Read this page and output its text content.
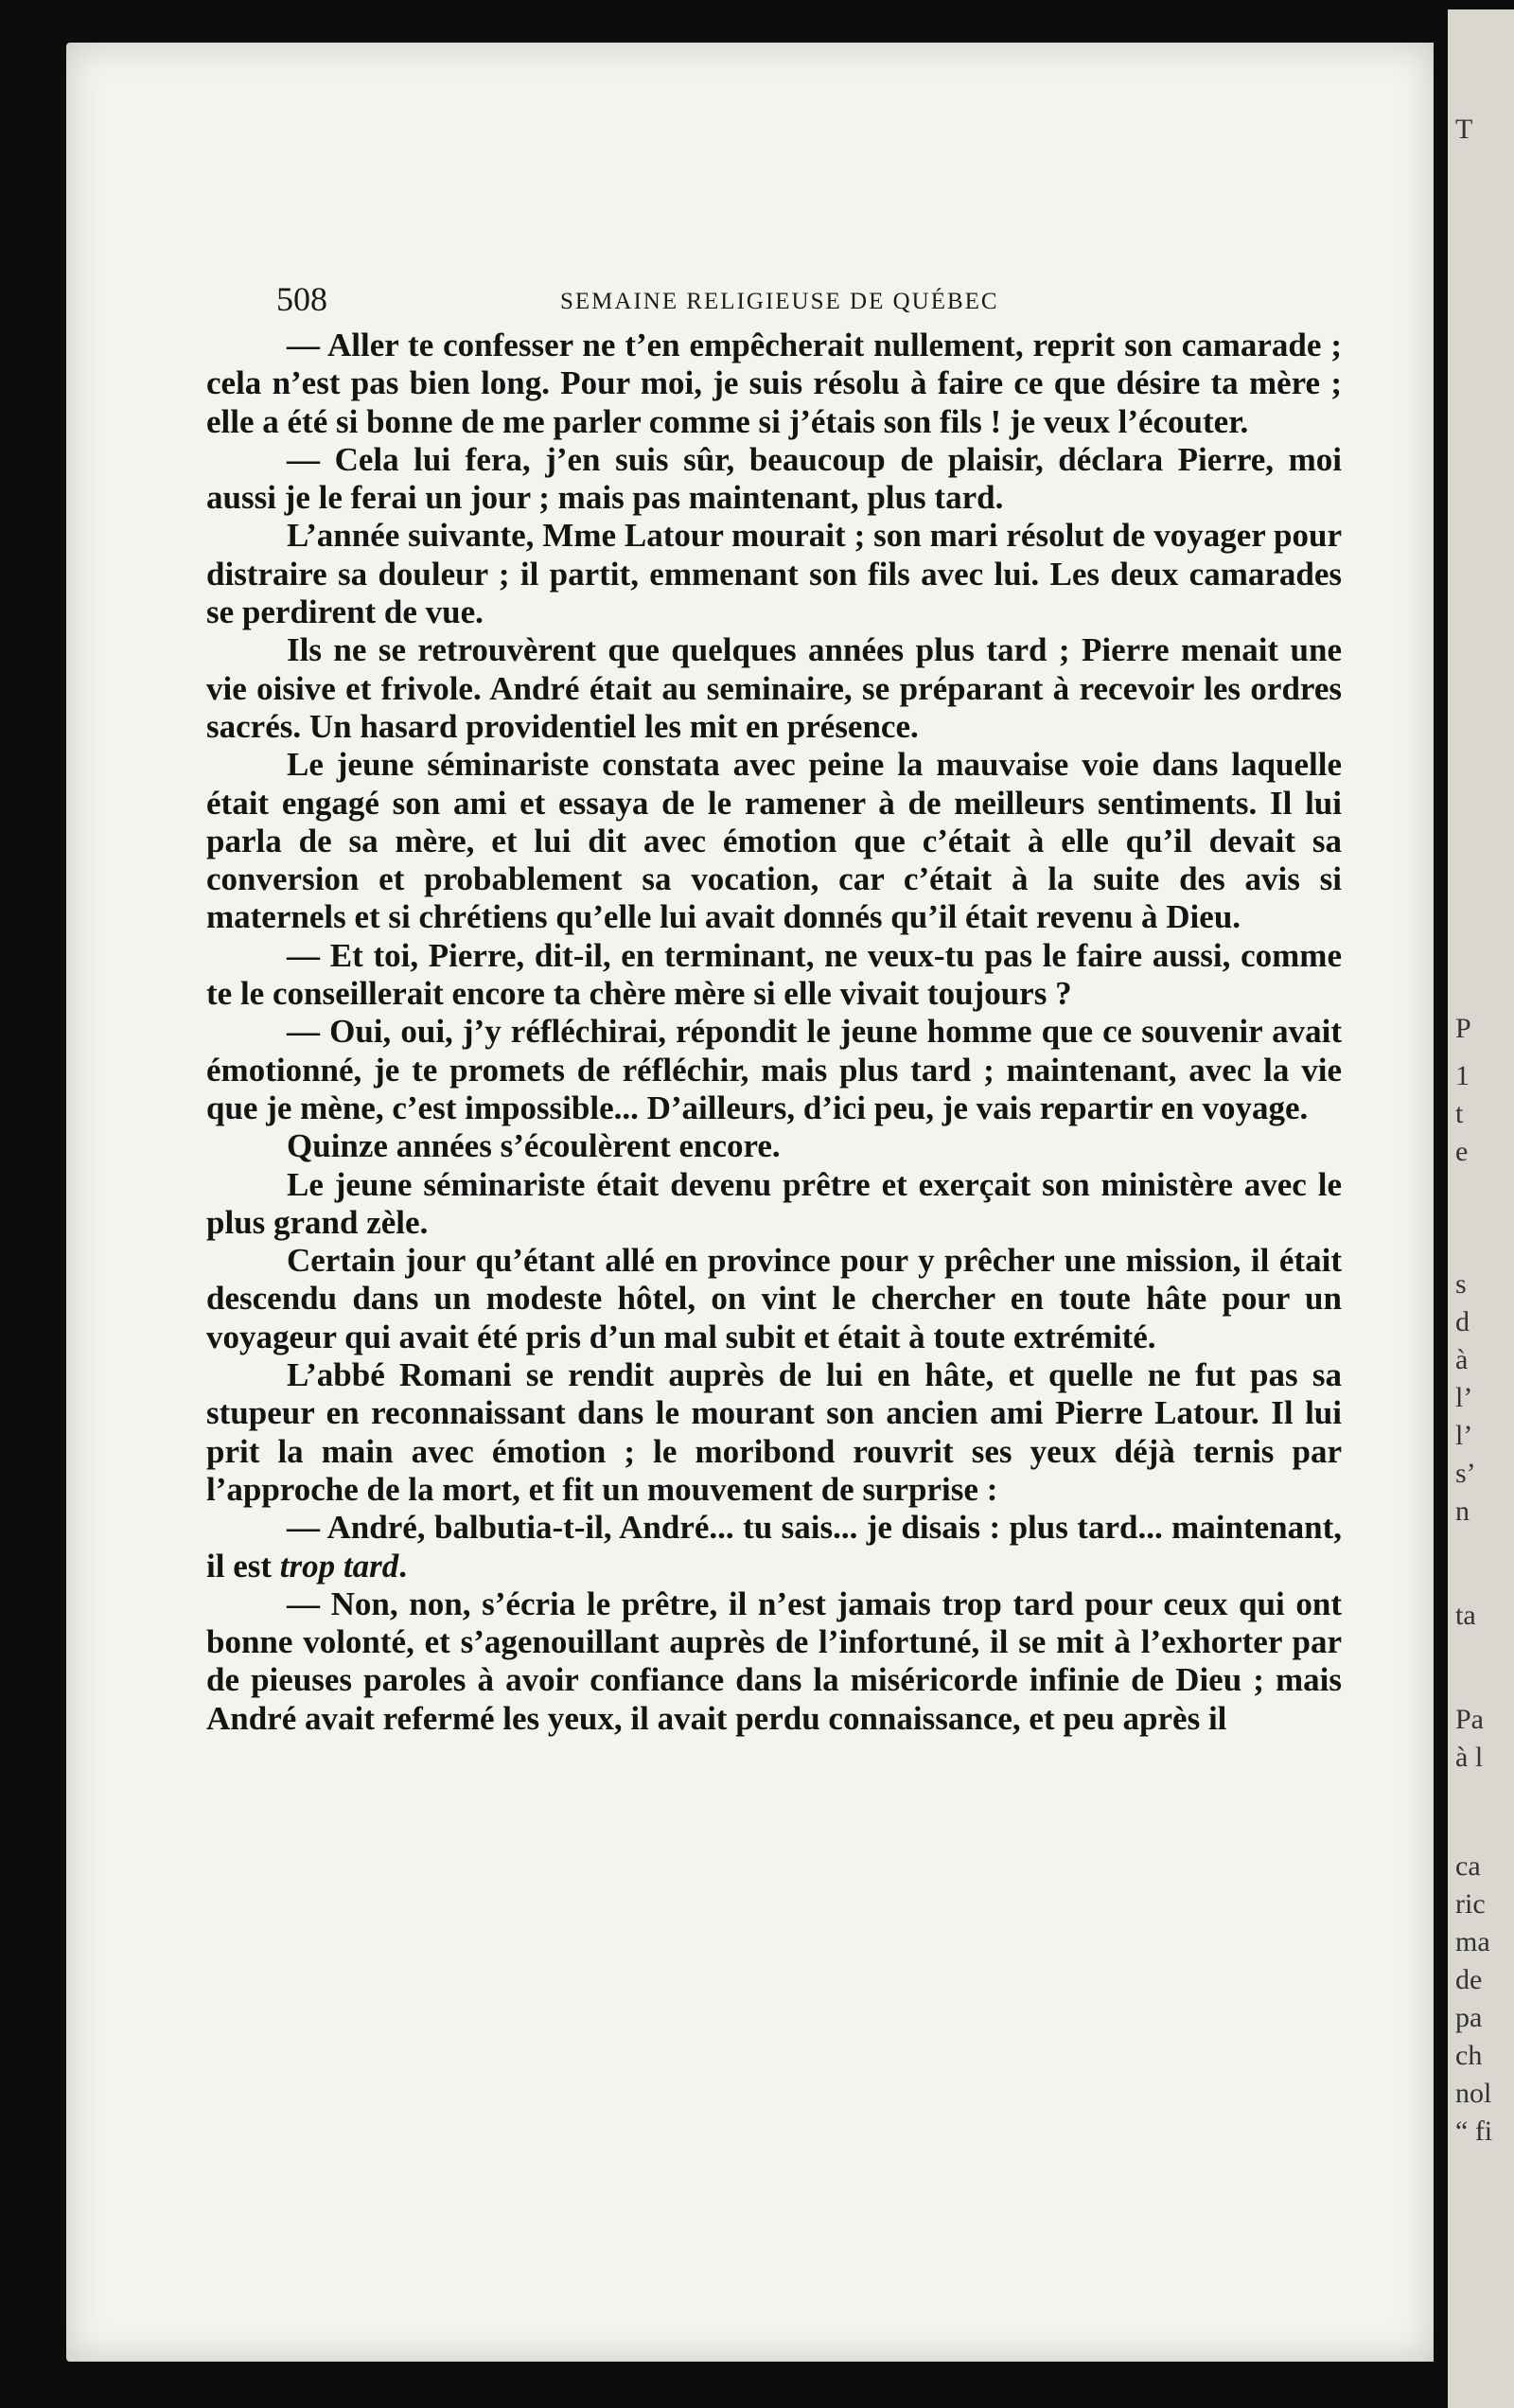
508	SEMAINE RELIGIEUSE DE QUÉBEC

— Aller te confesser ne t’en empêcherait nullement, reprit son camarade ; cela n’est pas bien long. Pour moi, je suis résolu à faire ce que désire ta mère ; elle a été si bonne de me parler comme si j’étais son fils ! je veux l’écouter.

— Cela lui fera, j’en suis sûr, beaucoup de plaisir, déclara Pierre, moi aussi je le ferai un jour ; mais pas maintenant, plus tard.

L’année suivante, Mme Latour mourait ; son mari résolut de voyager pour distraire sa douleur ; il partit, emmenant son fils avec lui. Les deux camarades se perdirent de vue.

Ils ne se retrouvèrent que quelques années plus tard ; Pierre menait une vie oisive et frivole. André était au seminaire, se préparant à recevoir les ordres sacrés. Un hasard providentiel les mit en présence.

Le jeune séminariste constata avec peine la mauvaise voie dans laquelle était engagé son ami et essaya de le ramener à de meilleurs sentiments. Il lui parla de sa mère, et lui dit avec émotion que c’était à elle qu’il devait sa conversion et probablement sa vocation, car c’était à la suite des avis si maternels et si chrétiens qu’elle lui avait donnés qu’il était revenu à Dieu.

— Et toi, Pierre, dit-il, en terminant, ne veux-tu pas le faire aussi, comme te le conseillerait encore ta chère mère si elle vivait toujours ?

— Oui, oui, j’y réfléchirai, répondit le jeune homme que ce souvenir avait émotionné, je te promets de réfléchir, mais plus tard ; maintenant, avec la vie que je mène, c’est impossible... D’ailleurs, d’ici peu, je vais repartir en voyage.

Quinze années s’écoulèrent encore.

Le jeune séminariste était devenu prêtre et exerçait son ministère avec le plus grand zèle.

Certain jour qu’étant allé en province pour y prêcher une mission, il était descendu dans un modeste hôtel, on vint le chercher en toute hâte pour un voyageur qui avait été pris d’un mal subit et était à toute extrémité.

L’abbé Romani se rendit auprès de lui en hâte, et quelle ne fut pas sa stupeur en reconnaissant dans le mourant son ancien ami Pierre Latour. Il lui prit la main avec émotion ; le moribond rouvrit ses yeux déjà ternis par l’approche de la mort, et fit un mouvement de surprise :

— André, balbutia-t-il, André... tu sais... je disais : plus tard... maintenant, il est trop tard.

— Non, non, s’écria le prêtre, il n’est jamais trop tard pour ceux qui ont bonne volonté, et s’agenouillant auprès de l’infortuné, il se mit à l’exhorter par de pieuses paroles à avoir confiance dans la miséricorde infinie de Dieu ; mais André avait refermé les yeux, il avait perdu connaissance, et peu après il

T
P
1
t
e
s
d
à
l’
l’
s’
n
ta
Pa
à l
ca
ric
ma
de
pa
ch
nol
“ fi
